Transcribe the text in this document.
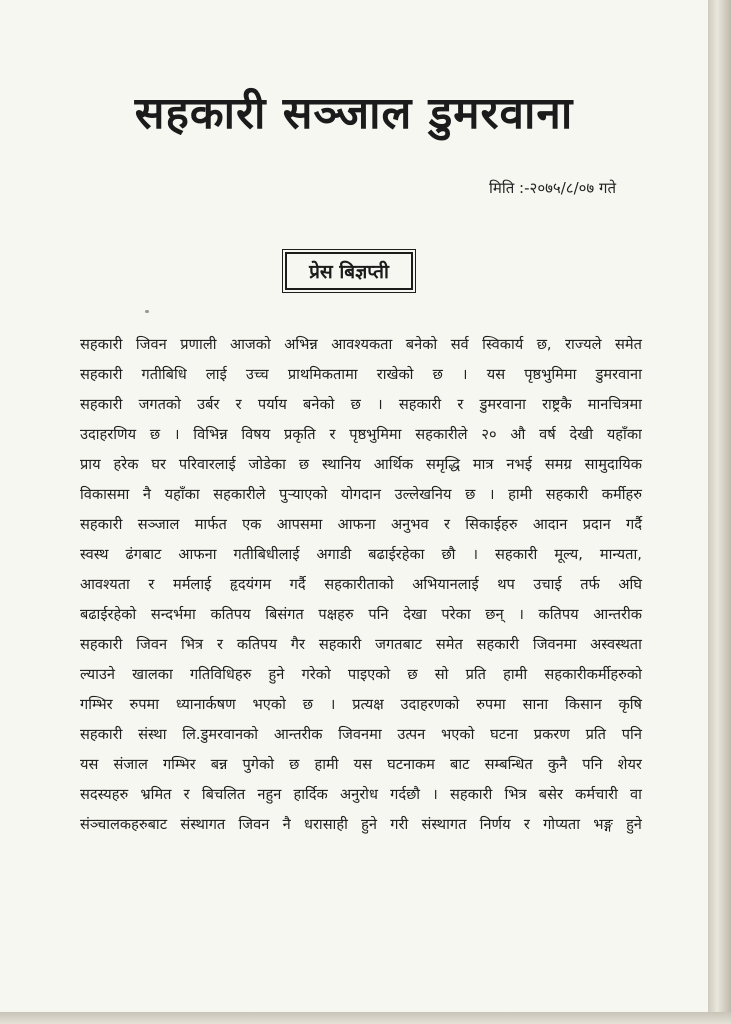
सहकारी सञ्जाल डुमरवाना
मिति :-२०७५/८/०७ गते
प्रेस बिज्ञप्ती
सहकारी जिवन प्रणाली आजको अभिन्न आवश्यकता बनेको सर्व स्विकार्य छ, राज्यले समेत
सहकारी गतीबिधि लाई उच्च प्राथमिकतामा राखेको छ । यस पृष्ठभुमिमा डुमरवाना
सहकारी जगतको उर्बर र पर्याय बनेको छ । सहकारी र डुमरवाना राष्ट्रकै मानचित्रमा
उदाहरणिय छ । विभिन्न विषय प्रकृति र पृष्ठभुमिमा सहकारीले २० औ वर्ष देखी यहाँका
प्राय हरेक घर परिवारलाई जोडेका छ स्थानिय आर्थिक समृद्धि मात्र नभई समग्र सामुदायिक
विकासमा नै यहाँका सहकारीले पुऱ्याएको योगदान उल्लेखनिय छ । हामी सहकारी कर्मीहरु
सहकारी सञ्जाल मार्फत एक आपसमा आफना अनुभव र सिकाईहरु आदान प्रदान गर्दै
स्वस्थ ढंगबाट आफना गतीबिधीलाई अगाडी बढाईरहेका छौ । सहकारी मूल्य, मान्यता,
आवश्यता र मर्मलाई हृदयंगम गर्दै सहकारीताको अभियानलाई थप उचाई तर्फ अघि
बढाईरहेको सन्दर्भमा कतिपय बिसंगत पक्षहरु पनि देखा परेका छन् । कतिपय आन्तरीक
सहकारी जिवन भित्र र कतिपय गैर सहकारी जगतबाट समेत सहकारी जिवनमा अस्वस्थता
ल्याउने खालका गतिविधिहरु हुने गरेको पाइएको छ सो प्रति हामी सहकारीकर्मीहरुको
गम्भिर रुपमा ध्यानार्कषण भएको छ । प्रत्यक्ष उदाहरणको रुपमा साना किसान कृषि
सहकारी संस्था लि.डुमरवानको आन्तरीक जिवनमा उत्पन भएको घटना प्रकरण प्रति पनि
यस संजाल गम्भिर बन्न पुगेको छ हामी यस घटनाकम बाट सम्बन्धित कुनै पनि शेयर
सदस्यहरु भ्रमित र बिचलित नहुन हार्दिक अनुरोध गर्दछौ । सहकारी भित्र बसेर कर्मचारी वा
संञ्चालकहरुबाट संस्थागत जिवन नै धरासाही हुने गरी संस्थागत निर्णय र गोप्यता भङ्ग हुने
